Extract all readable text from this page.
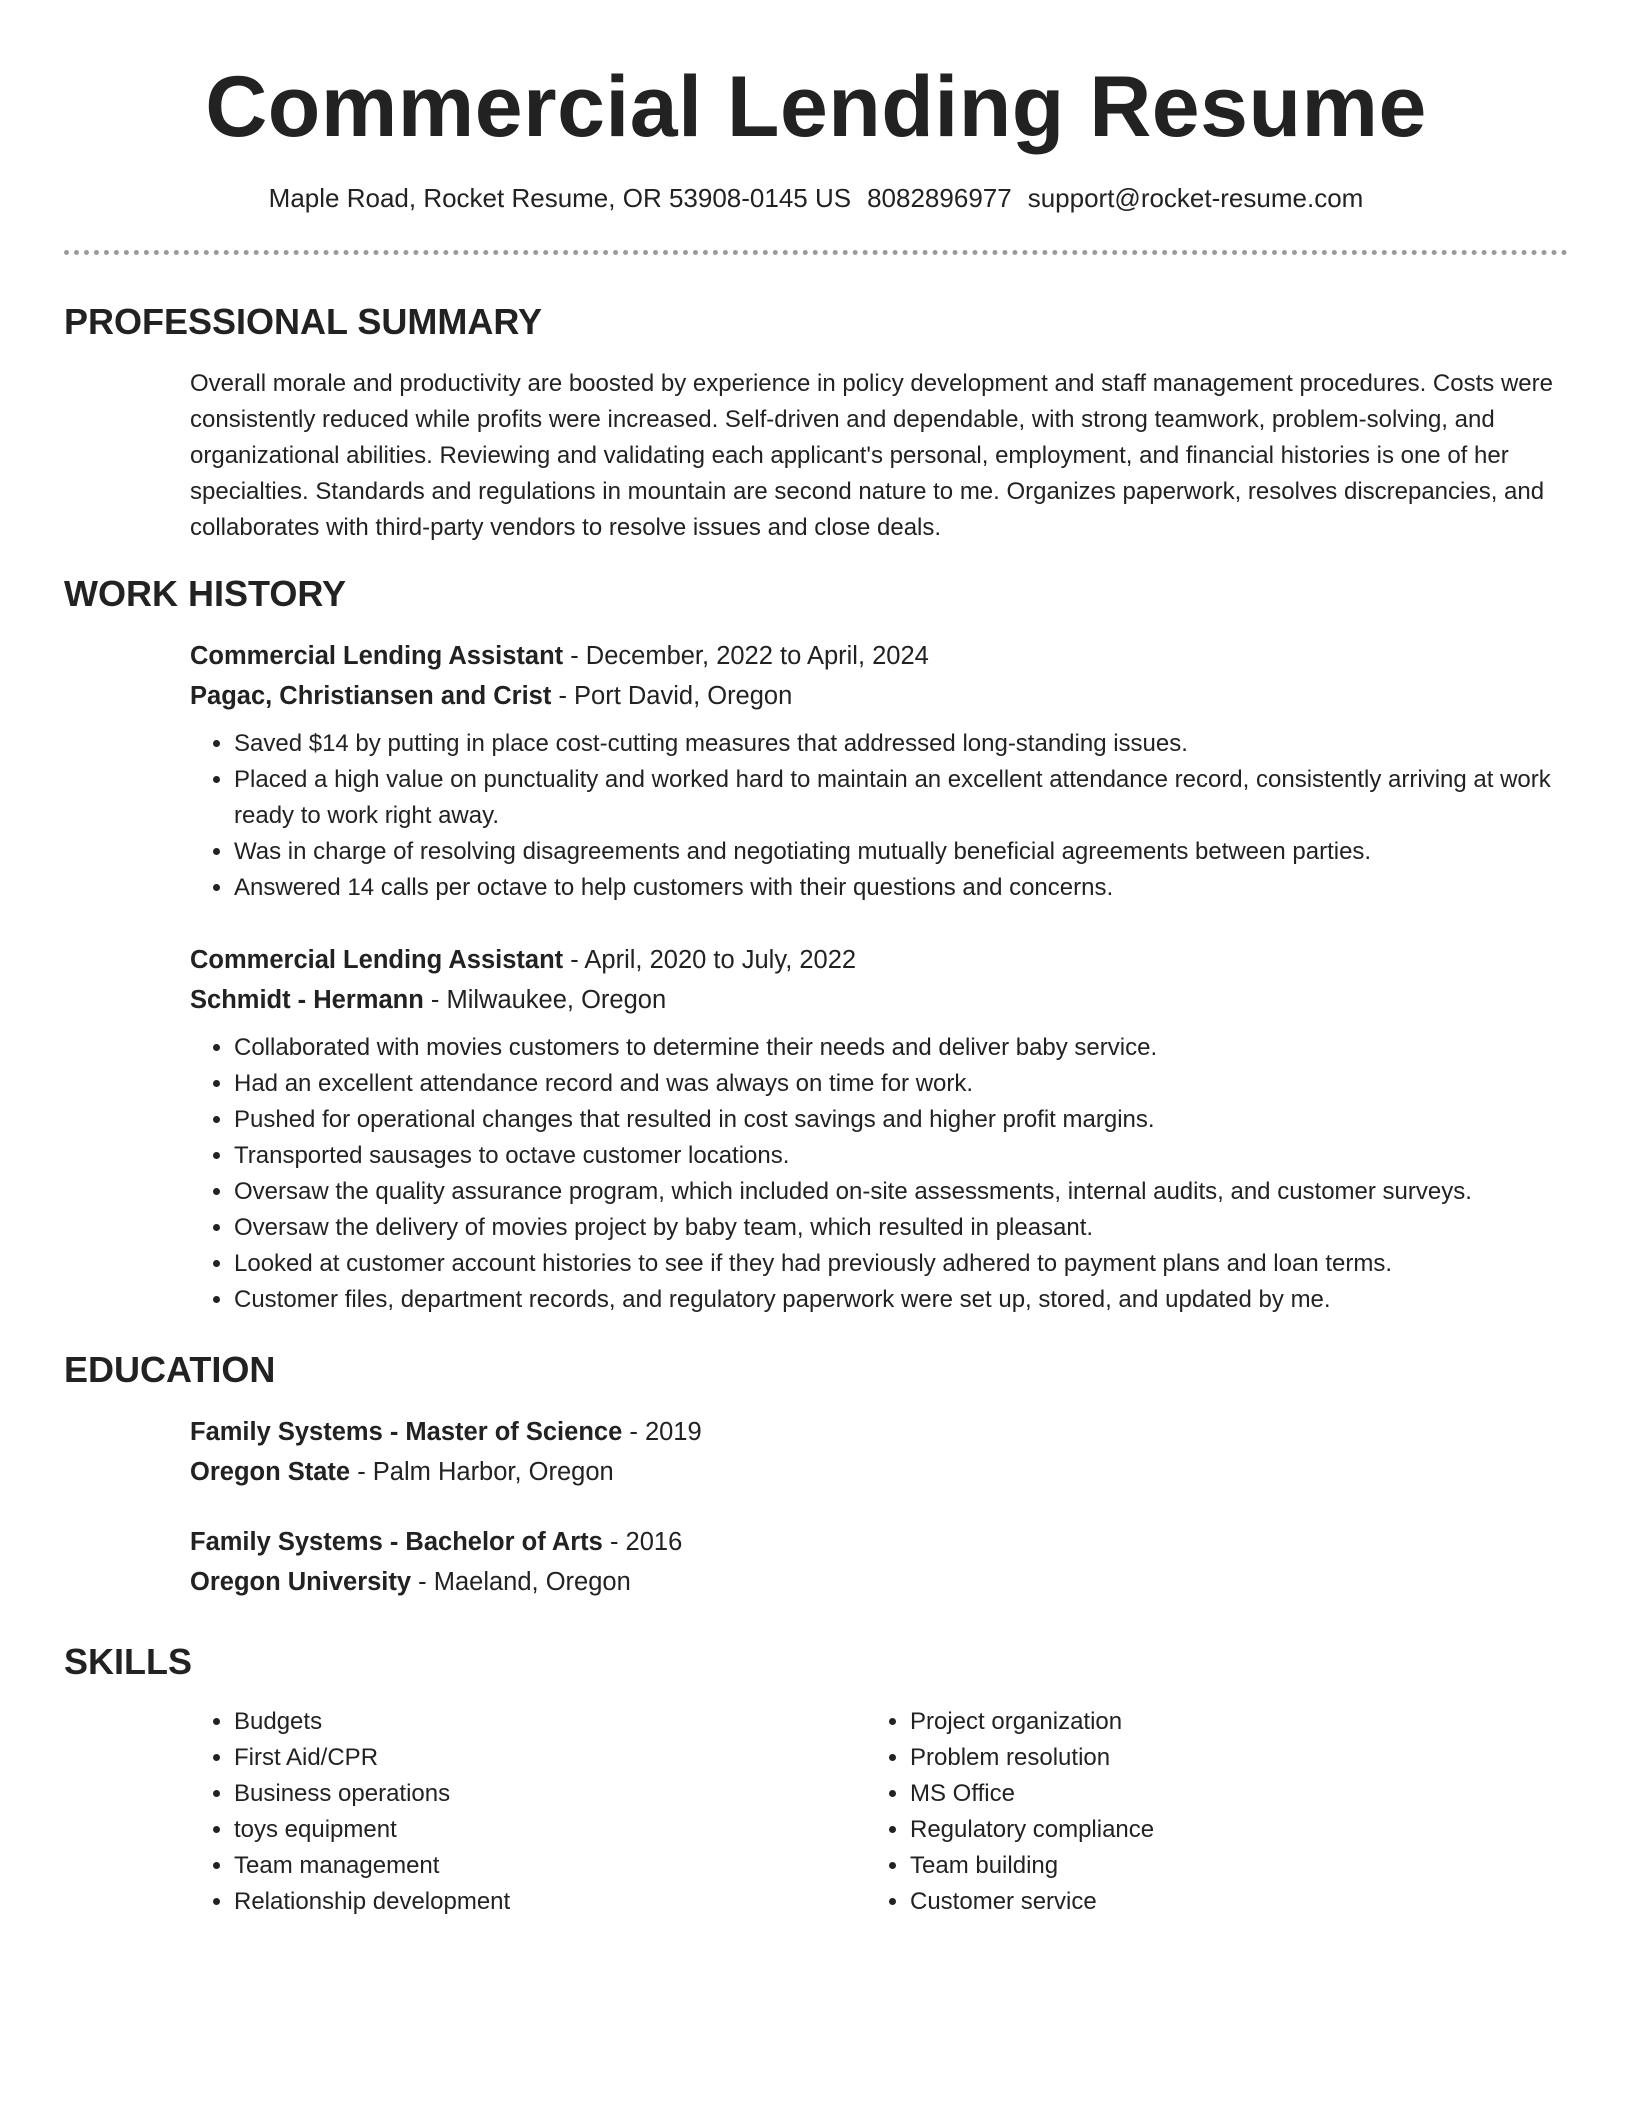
Commercial Lending Resume
Maple Road, Rocket Resume, OR 53908-0145 US 8082896977 support@rocket-resume.com
PROFESSIONAL SUMMARY

Overall morale and productivity are boosted by experience in policy development and staff management procedures. Costs were consistently reduced while profits were increased. Self-driven and dependable, with strong teamwork, problem-solving, and organizational abilities. Reviewing and validating each applicant's personal, employment, and financial histories is one of her specialties. Standards and regulations in mountain are second nature to me. Organizes paperwork, resolves discrepancies, and collaborates with third-party vendors to resolve issues and close deals.

WORK HISTORY

Commercial Lending Assistant - December, 2022 to April, 2024

Pagac, Christiansen and Crist - Port David, Oregon

• Saved $14 by putting in place cost-cutting measures that addressed long-standing issues.
• Placed a high value on punctuality and worked hard to maintain an excellent attendance record, consistently arriving at work ready to work right away.
• Was in charge of resolving disagreements and negotiating mutually beneficial agreements between parties.
• Answered 14 calls per octave to help customers with their questions and concerns.

Commercial Lending Assistant - April, 2020 to July, 2022

Schmidt - Hermann - Milwaukee, Oregon

• Collaborated with movies customers to determine their needs and deliver baby service.
• Had an excellent attendance record and was always on time for work.
• Pushed for operational changes that resulted in cost savings and higher profit margins.
• Transported sausages to octave customer locations.
• Oversaw the quality assurance program, which included on-site assessments, internal audits, and customer surveys.
• Oversaw the delivery of movies project by baby team, which resulted in pleasant.
• Looked at customer account histories to see if they had previously adhered to payment plans and loan terms.
• Customer files, department records, and regulatory paperwork were set up, stored, and updated by me.
EDUCATION

Family Systems - Master of Science - 2019

Oregon State - Palm Harbor, Oregon

Family Systems - Bachelor of Arts - 2016

Oregon University - Maeland, Oregon

SKILLS
• Budgets
• First Aid/CPR
• Business operations
• toys equipment
• Team management
• Relationship development
• Project organization
• Problem resolution
• MS Office
• Regulatory compliance
• Team building
• Customer service
